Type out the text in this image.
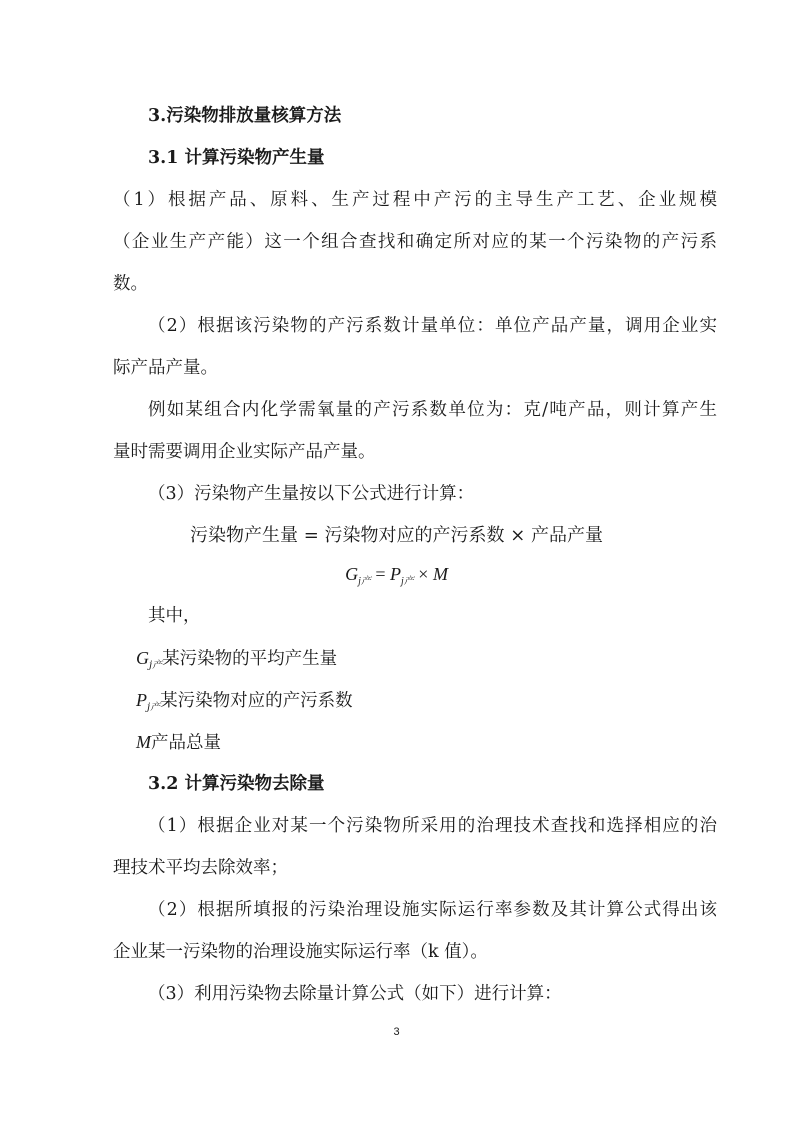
3.污染物排放量核算方法
3.1 计算污染物产生量
（1）根据产品、原料、生产过程中产污的主导生产工艺、企业规模
（企业生产产能）这一个组合查找和确定所对应的某一个污染物的产污系
数。
（2）根据该污染物的产污系数计量单位：单位产品产量，调用企业实
际产品产量。
例如某组合内化学需氧量的产污系数单位为：克/吨产品，则计算产生
量时需要调用企业实际产品产量。
（3）污染物产生量按以下公式进行计算：
污染物产生量 = 污染物对应的产污系数 × 产品产量
$G_{j产} = P_{j产} \times M$
其中，
$G_{j产}$某污染物的平均产生量
$P_{j产}$某污染物对应的产污系数
M产品总量
3.2 计算污染物去除量
（1）根据企业对某一个污染物所采用的治理技术查找和选择相应的治
理技术平均去除效率；
（2）根据所填报的污染治理设施实际运行率参数及其计算公式得出该
企业某一污染物的治理设施实际运行率（k 值）。
（3）利用污染物去除量计算公式（如下）进行计算：
3
